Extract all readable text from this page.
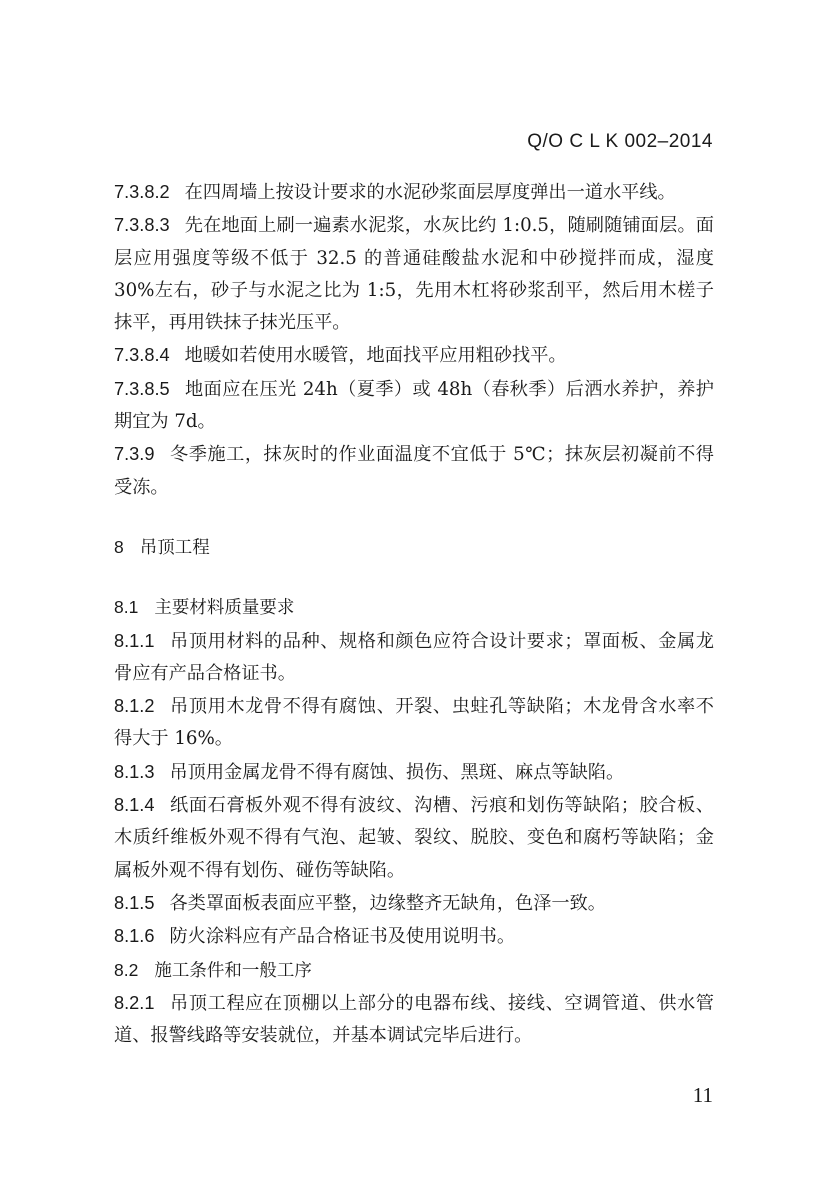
Q/O C L K 002–2014

7.3.8.2 在四周墙上按设计要求的水泥砂浆面层厚度弹出一道水平线。

7.3.8.3 先在地面上刷一遍素水泥浆，水灰比约 1:0.5，随刷随铺面层。面层应用强度等级不低于 32.5 的普通硅酸盐水泥和中砂搅拌而成，湿度 30%左右，砂子与水泥之比为 1:5，先用木杠将砂浆刮平，然后用木槎子抹平，再用铁抹子抹光压平。

7.3.8.4 地暖如若使用水暖管，地面找平应用粗砂找平。

7.3.8.5 地面应在压光 24h（夏季）或 48h（春秋季）后洒水养护，养护期宜为 7d。

7.3.9 冬季施工，抹灰时的作业面温度不宜低于 5℃；抹灰层初凝前不得受冻。

8 吊顶工程

8.1 主要材料质量要求

8.1.1 吊顶用材料的品种、规格和颜色应符合设计要求；罩面板、金属龙骨应有产品合格证书。

8.1.2 吊顶用木龙骨不得有腐蚀、开裂、虫蛀孔等缺陷；木龙骨含水率不得大于 16%。

8.1.3 吊顶用金属龙骨不得有腐蚀、损伤、黑斑、麻点等缺陷。

8.1.4 纸面石膏板外观不得有波纹、沟槽、污痕和划伤等缺陷；胶合板、木质纤维板外观不得有气泡、起皱、裂纹、脱胶、变色和腐朽等缺陷；金属板外观不得有划伤、碰伤等缺陷。

8.1.5 各类罩面板表面应平整，边缘整齐无缺角，色泽一致。

8.1.6 防火涂料应有产品合格证书及使用说明书。

8.2 施工条件和一般工序

8.2.1 吊顶工程应在顶棚以上部分的电器布线、接线、空调管道、供水管道、报警线路等安装就位，并基本调试完毕后进行。

11
